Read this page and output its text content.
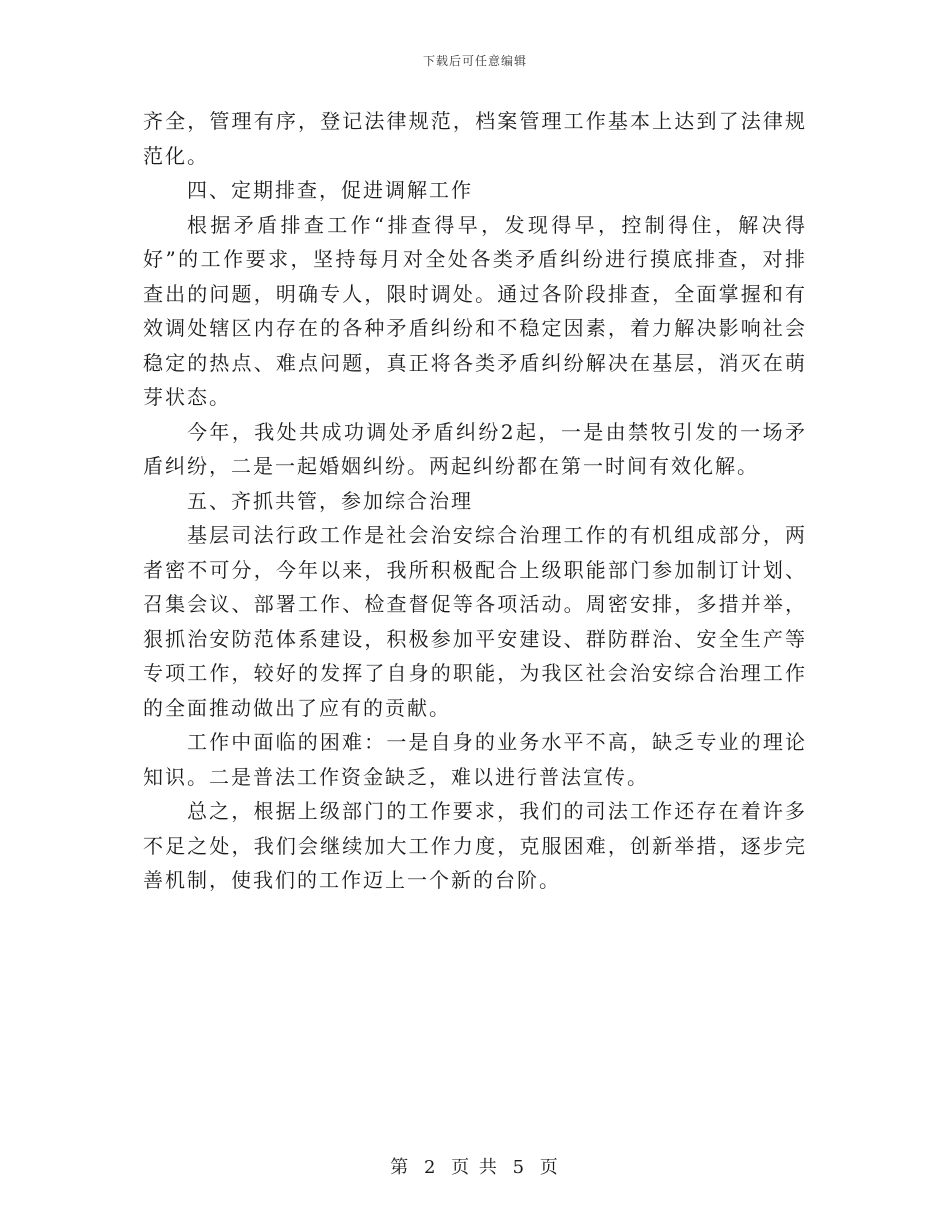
下载后可任意编辑

齐全，管理有序，登记法律规范，档案管理工作基本上达到了法律规范化。

四、定期排查，促进调解工作

根据矛盾排查工作“排查得早，发现得早，控制得住，解决得好”的工作要求，坚持每月对全处各类矛盾纠纷进行摸底排查，对排查出的问题，明确专人，限时调处。通过各阶段排查，全面掌握和有效调处辖区内存在的各种矛盾纠纷和不稳定因素，着力解决影响社会稳定的热点、难点问题，真正将各类矛盾纠纷解决在基层，消灭在萌芽状态。

今年，我处共成功调处矛盾纠纷2起，一是由禁牧引发的一场矛盾纠纷，二是一起婚姻纠纷。两起纠纷都在第一时间有效化解。

五、齐抓共管，参加综合治理

基层司法行政工作是社会治安综合治理工作的有机组成部分，两者密不可分，今年以来，我所积极配合上级职能部门参加制订计划、召集会议、部署工作、检查督促等各项活动。周密安排，多措并举，狠抓治安防范体系建设，积极参加平安建设、群防群治、安全生产等专项工作，较好的发挥了自身的职能，为我区社会治安综合治理工作的全面推动做出了应有的贡献。

工作中面临的困难：一是自身的业务水平不高，缺乏专业的理论知识。二是普法工作资金缺乏，难以进行普法宣传。

总之，根据上级部门的工作要求，我们的司法工作还存在着许多不足之处，我们会继续加大工作力度，克服困难，创新举措，逐步完善机制，使我们的工作迈上一个新的台阶。

第 2 页 共 5 页
